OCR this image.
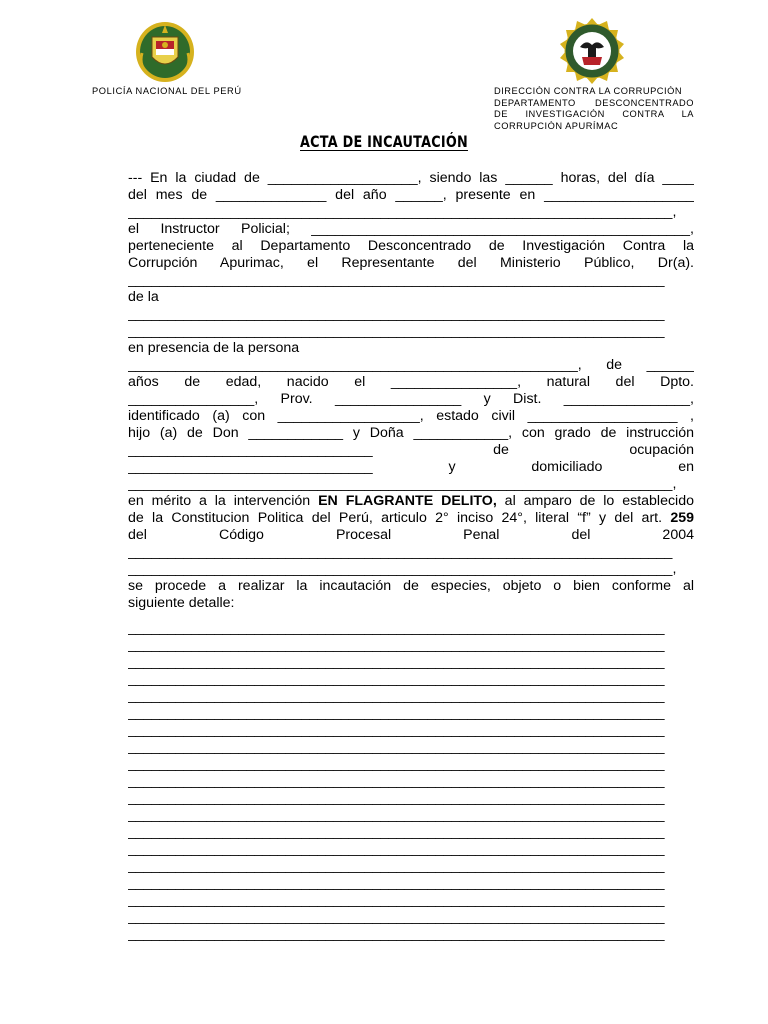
POLICÍA NACIONAL DEL PERÚ	DIRECCIÓN CONTRA LA CORRUPCIÓN
DEPARTAMENTO DESCONCENTRADO
DE INVESTIGACIÓN CONTRA LA
CORRUPCIÓN APURÍMAC
ACTA DE INCAUTACIÓN
--- En la ciudad de ___________________, siendo las ______ horas, del día ____
del mes de ______________ del año ______, presente en ___________________
_____________________________________________________________________,
el Instructor Policial; ________________________________________________,
perteneciente al Departamento Desconcentrado de Investigación Contra la
Corrupción Apurimac, el Representante del Ministerio Público, Dr(a).
____________________________________________________________________
de la
____________________________________________________________________
____________________________________________________________________
en presencia de la persona
_________________________________________________________, de ______
años de edad, nacido el ________________, natural del Dpto.
________________, Prov. ________________ y Dist. ________________,
identificado (a) con __________________, estado civil ___________________ ,
hijo (a) de Don ____________ y Doña ____________, con grado de instrucción
_______________________________ de ocupación
_______________________________ y domiciliado en
_____________________________________________________________________,
en mérito a la intervención EN FLAGRANTE DELITO, al amparo de lo establecido
de la Constitucion Politica del Perú, articulo 2° inciso 24°, literal “f” y del art. 259
del Código Procesal Penal del 2004
_____________________________________________________________________
_____________________________________________________________________,
se procede a realizar la incautación de especies, objeto o bien conforme al
siguiente detalle:
____________________________________________________________________
____________________________________________________________________
____________________________________________________________________
____________________________________________________________________
____________________________________________________________________
____________________________________________________________________
____________________________________________________________________
____________________________________________________________________
____________________________________________________________________
____________________________________________________________________
____________________________________________________________________
____________________________________________________________________
____________________________________________________________________
____________________________________________________________________
____________________________________________________________________
____________________________________________________________________
____________________________________________________________________
____________________________________________________________________
____________________________________________________________________
